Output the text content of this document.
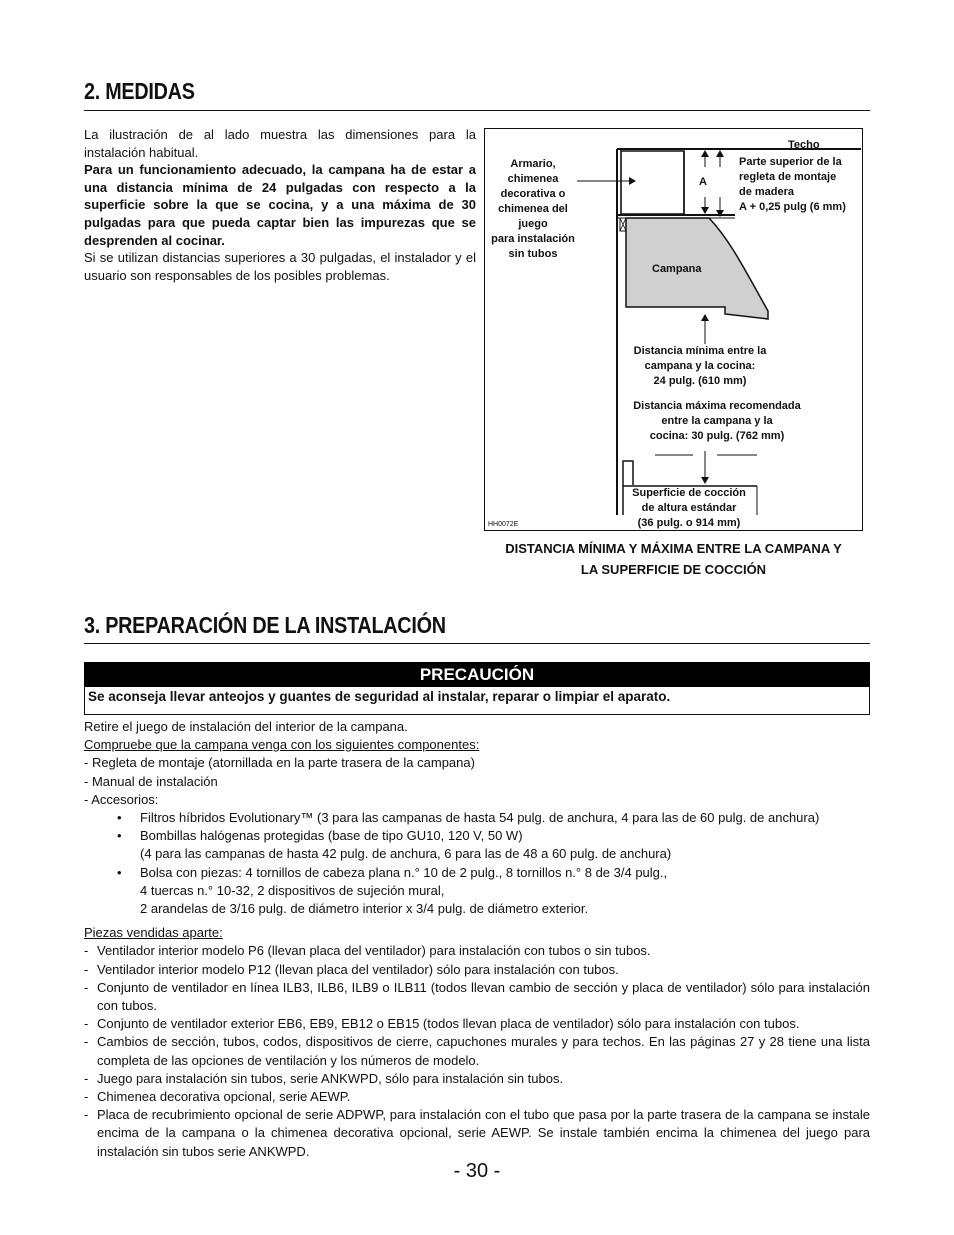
2. MEDIDAS

La ilustración de al lado muestra las dimensiones para la instalación habitual.

Para un funcionamiento adecuado, la campana ha de estar a una distancia mínima de 24 pulgadas con respecto a la superficie sobre la que se cocina, y a una máxima de 30 pulgadas para que pueda captar bien las impurezas que se desprenden al cocinar.

Si se utilizan distancias superiores a 30 pulgadas, el instalador y el usuario son responsables de los posibles problemas.

Techo
Armario, chimenea
decorativa o
chimenea del juego
para instalación
sin tubos
A
Parte superior de la
regleta de montaje
de madera
A + 0,25 pulg (6 mm)
Campana
Distancia mínima entre la
campana y la cocina:
24 pulg. (610 mm)
Distancia máxima recomendada
entre la campana y la
cocina: 30 pulg. (762 mm)
Superficie de cocción
de altura estándar
(36 pulg. o 914 mm)
HH0072E
DISTANCIA MÍNIMA Y MÁXIMA ENTRE LA CAMPANA Y
LA SUPERFICIE DE COCCIÓN
3. PREPARACIÓN DE LA INSTALACIÓN
PRECAUCIÓN
Se aconseja llevar anteojos y guantes de seguridad al instalar, reparar o limpiar el aparato.
Retire el juego de instalación del interior de la campana.
Compruebe que la campana venga con los siguientes componentes:
- Regleta de montaje (atornillada en la parte trasera de la campana)
- Manual de instalación
- Accesorios:
• Filtros híbridos Evolutionary™ (3 para las campanas de hasta 54 pulg. de anchura, 4 para las de 60 pulg. de anchura)
• Bombillas halógenas protegidas (base de tipo GU10, 120 V, 50 W)
(4 para las campanas de hasta 42 pulg. de anchura, 6 para las de 48 a 60 pulg. de anchura)
• Bolsa con piezas: 4 tornillos de cabeza plana n.° 10 de 2 pulg., 8 tornillos n.° 8 de 3/4 pulg.,
4 tuercas n.° 10-32, 2 dispositivos de sujeción mural,
2 arandelas de 3/16 pulg. de diámetro interior x 3/4 pulg. de diámetro exterior.
Piezas vendidas aparte:
- Ventilador interior modelo P6 (llevan placa del ventilador) para instalación con tubos o sin tubos.
- Ventilador interior modelo P12 (llevan placa del ventilador) sólo para instalación con tubos.
- Conjunto de ventilador en línea ILB3, ILB6, ILB9 o ILB11 (todos llevan cambio de sección y placa de ventilador) sólo para instalación con tubos.
- Conjunto de ventilador exterior EB6, EB9, EB12 o EB15 (todos llevan placa de ventilador) sólo para instalación con tubos.
- Cambios de sección, tubos, codos, dispositivos de cierre, capuchones murales y para techos. En las páginas 27 y 28 tiene una lista completa de las opciones de ventilación y los números de modelo.
- Juego para instalación sin tubos, serie ANKWPD, sólo para instalación sin tubos.
- Chimenea decorativa opcional, serie AEWP.
- Placa de recubrimiento opcional de serie ADPWP, para instalación con el tubo que pasa por la parte trasera de la campana se instale encima de la campana o la chimenea decorativa opcional, serie AEWP. Se instale también encima la chimenea del juego para instalación sin tubos serie ANKWPD.
- 30 -
